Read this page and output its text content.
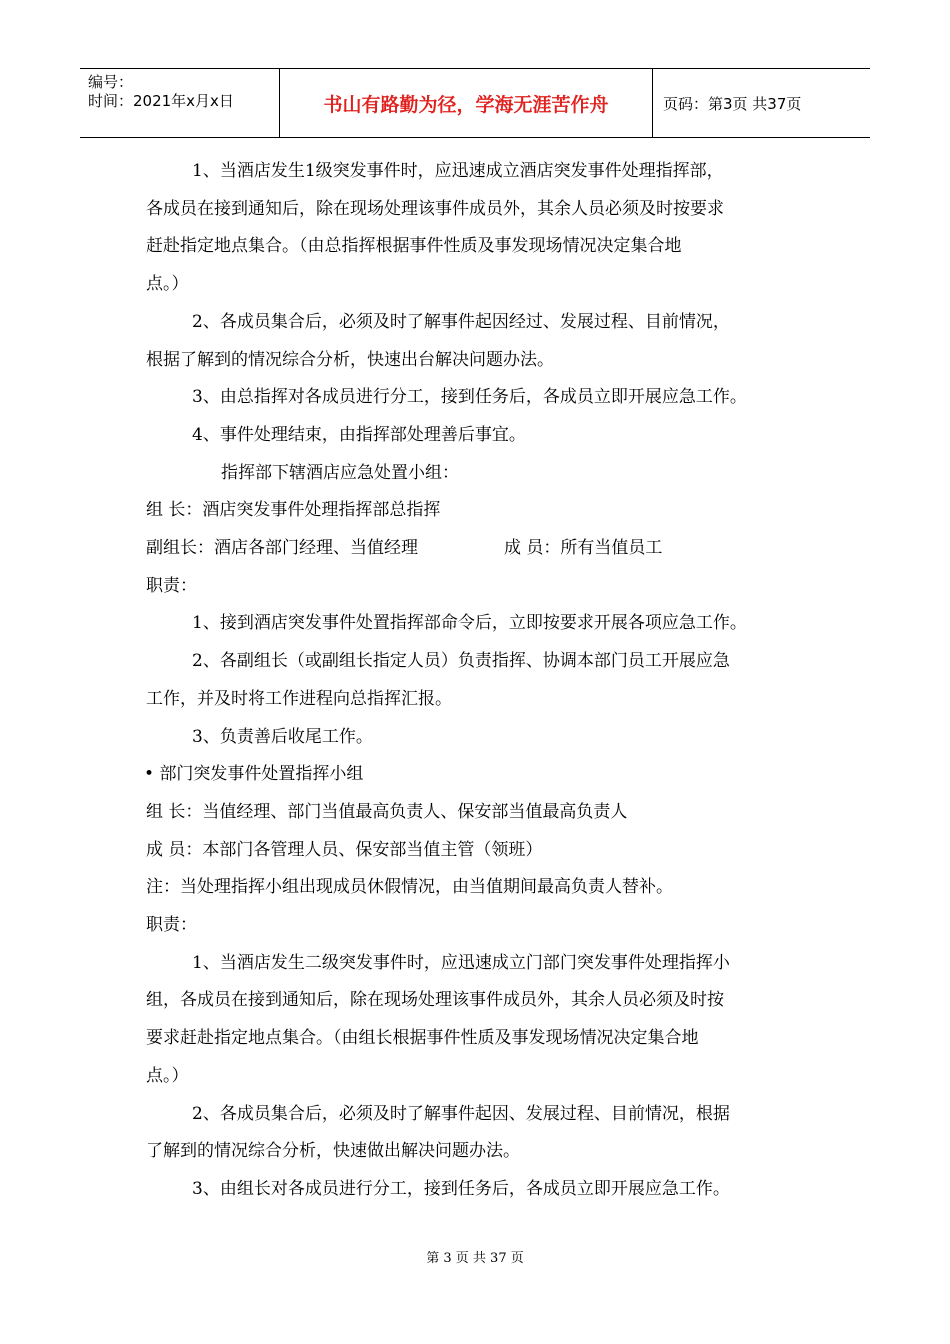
编号：
时间：2021年x月x日	书山有路勤为径，学海无涯苦作舟	页码：第3页 共37页

1、当酒店发生1级突发事件时，应迅速成立酒店突发事件处理指挥部，

各成员在接到通知后，除在现场处理该事件成员外，其余人员必须及时按要求

赶赴指定地点集合。（由总指挥根据事件性质及事发现场情况决定集合地

点。）

2、各成员集合后，必须及时了解事件起因经过、发展过程、目前情况，

根据了解到的情况综合分析，快速出台解决问题办法。

3、由总指挥对各成员进行分工，接到任务后，各成员立即开展应急工作。

4、事件处理结束，由指挥部处理善后事宜。

指挥部下辖酒店应急处置小组：

组 长：酒店突发事件处理指挥部总指挥

副组长：酒店各部门经理、当值经理	成 员：所有当值员工

职责：

1、接到酒店突发事件处置指挥部命令后，立即按要求开展各项应急工作。

2、各副组长（或副组长指定人员）负责指挥、协调本部门员工开展应急

工作，并及时将工作进程向总指挥汇报。

3、负责善后收尾工作。

• 部门突发事件处置指挥小组

组 长：当值经理、部门当值最高负责人、保安部当值最高负责人

成 员：本部门各管理人员、保安部当值主管（领班）

注：当处理指挥小组出现成员休假情况，由当值期间最高负责人替补。

职责：

1、当酒店发生二级突发事件时，应迅速成立门部门突发事件处理指挥小

组，各成员在接到通知后，除在现场处理该事件成员外，其余人员必须及时按

要求赶赴指定地点集合。（由组长根据事件性质及事发现场情况决定集合地

点。）

2、各成员集合后，必须及时了解事件起因、发展过程、目前情况，根据

了解到的情况综合分析，快速做出解决问题办法。

3、由组长对各成员进行分工，接到任务后，各成员立即开展应急工作。

第 3 页 共 37 页
